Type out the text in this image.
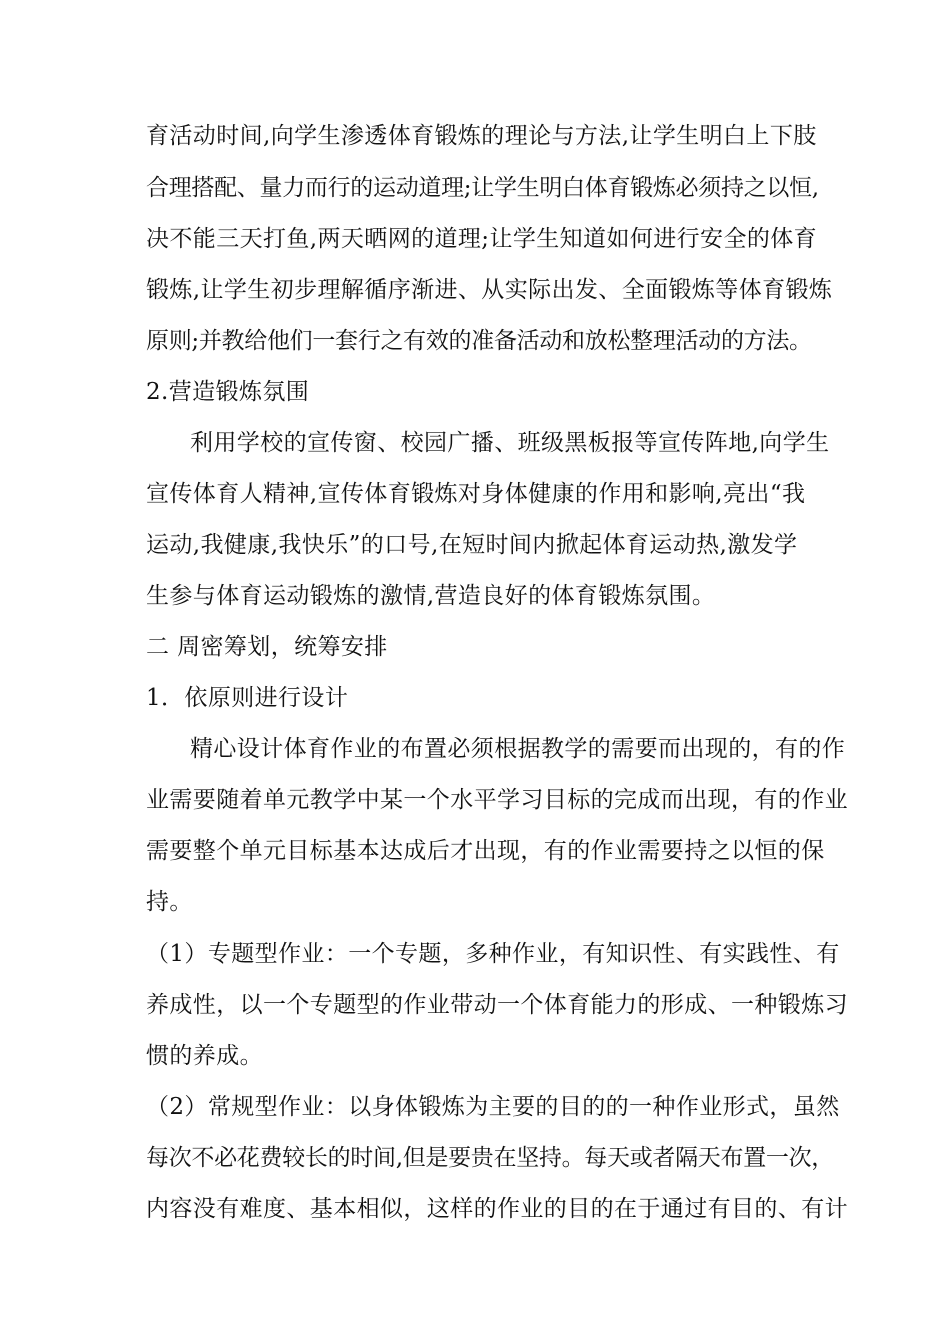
育活动时间,向学生渗透体育锻炼的理论与方法,让学生明白上下肢
合理搭配、量力而行的运动道理;让学生明白体育锻炼必须持之以恒,
决不能三天打鱼,两天晒网的道理;让学生知道如何进行安全的体育
锻炼,让学生初步理解循序渐进、从实际出发、全面锻炼等体育锻炼
原则;并教给他们一套行之有效的准备活动和放松整理活动的方法。
2.营造锻炼氛围
利用学校的宣传窗、校园广播、班级黑板报等宣传阵地,向学生
宣传体育人精神,宣传体育锻炼对身体健康的作用和影响,亮出“我
运动,我健康,我快乐”的口号,在短时间内掀起体育运动热,激发学
生参与体育运动锻炼的激情,营造良好的体育锻炼氛围。
二 周密筹划，统筹安排
1．依原则进行设计
精心设计体育作业的布置必须根据教学的需要而出现的，有的作
业需要随着单元教学中某一个水平学习目标的完成而出现，有的作业
需要整个单元目标基本达成后才出现，有的作业需要持之以恒的保
持。
（1）专题型作业：一个专题，多种作业，有知识性、有实践性、有
养成性，以一个专题型的作业带动一个体育能力的形成、一种锻炼习
惯的养成。
（2）常规型作业：以身体锻炼为主要的目的的一种作业形式，虽然
每次不必花费较长的时间,但是要贵在坚持。每天或者隔天布置一次，
内容没有难度、基本相似，这样的作业的目的在于通过有目的、有计
